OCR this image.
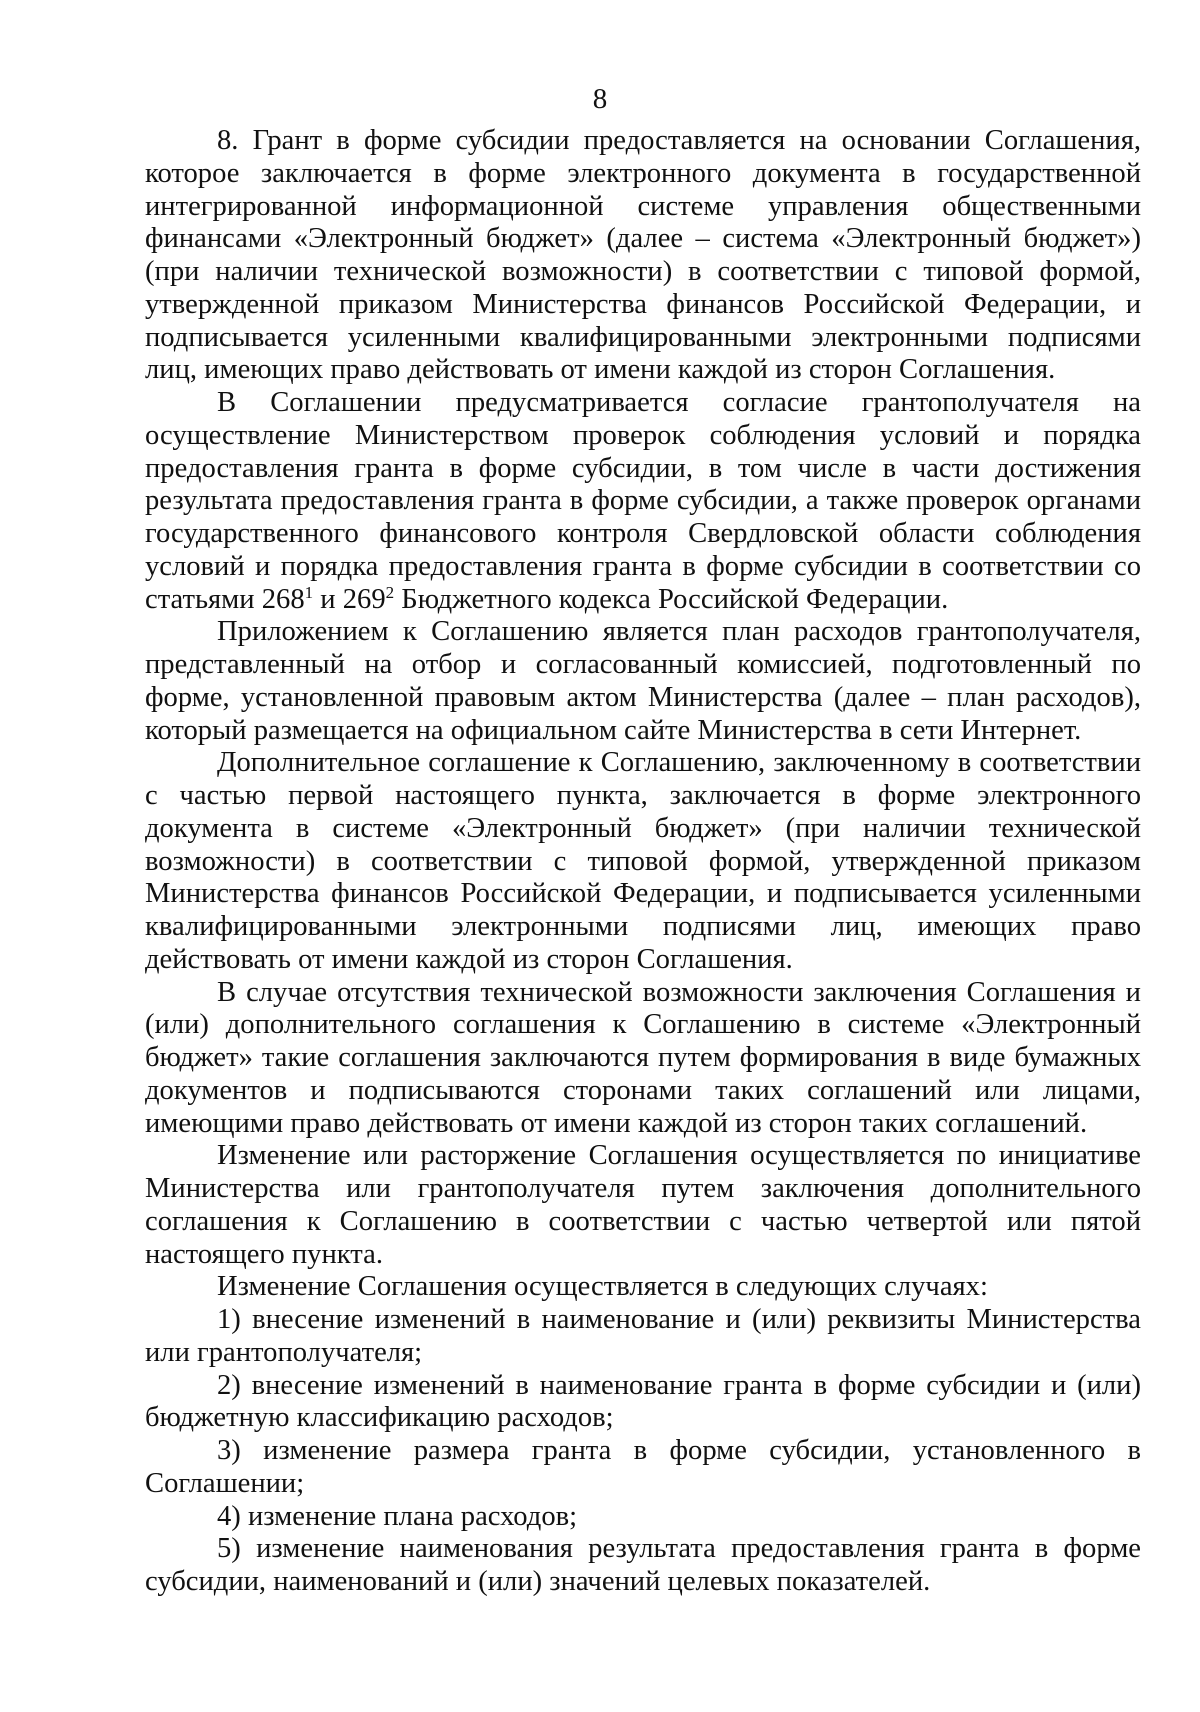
8

8. Грант в форме субсидии предоставляется на основании Соглашения, которое заключается в форме электронного документа в государственной интегрированной информационной системе управления общественными финансами «Электронный бюджет» (далее – система «Электронный бюджет») (при наличии технической возможности) в соответствии с типовой формой, утвержденной приказом Министерства финансов Российской Федерации, и подписывается усиленными квалифицированными электронными подписями лиц, имеющих право действовать от имени каждой из сторон Соглашения.

В Соглашении предусматривается согласие грантополучателя на осуществление Министерством проверок соблюдения условий и порядка предоставления гранта в форме субсидии, в том числе в части достижения результата предоставления гранта в форме субсидии, а также проверок органами государственного финансового контроля Свердловской области соблюдения условий и порядка предоставления гранта в форме субсидии в соответствии со статьями $268^1$ и $269^2$ Бюджетного кодекса Российской Федерации.

Приложением к Соглашению является план расходов грантополучателя, представленный на отбор и согласованный комиссией, подготовленный по форме, установленной правовым актом Министерства (далее – план расходов), который размещается на официальном сайте Министерства в сети Интернет.

Дополнительное соглашение к Соглашению, заключенному в соответствии с частью первой настоящего пункта, заключается в форме электронного документа в системе «Электронный бюджет» (при наличии технической возможности) в соответствии с типовой формой, утвержденной приказом Министерства финансов Российской Федерации, и подписывается усиленными квалифицированными электронными подписями лиц, имеющих право действовать от имени каждой из сторон Соглашения.

В случае отсутствия технической возможности заключения Соглашения и (или) дополнительного соглашения к Соглашению в системе «Электронный бюджет» такие соглашения заключаются путем формирования в виде бумажных документов и подписываются сторонами таких соглашений или лицами, имеющими право действовать от имени каждой из сторон таких соглашений.

Изменение или расторжение Соглашения осуществляется по инициативе Министерства или грантополучателя путем заключения дополнительного соглашения к Соглашению в соответствии с частью четвертой или пятой настоящего пункта.

Изменение Соглашения осуществляется в следующих случаях:

1) внесение изменений в наименование и (или) реквизиты Министерства или грантополучателя;

2) внесение изменений в наименование гранта в форме субсидии и (или) бюджетную классификацию расходов;

3) изменение размера гранта в форме субсидии, установленного в Соглашении;

4) изменение плана расходов;

5) изменение наименования результата предоставления гранта в форме субсидии, наименований и (или) значений целевых показателей.
